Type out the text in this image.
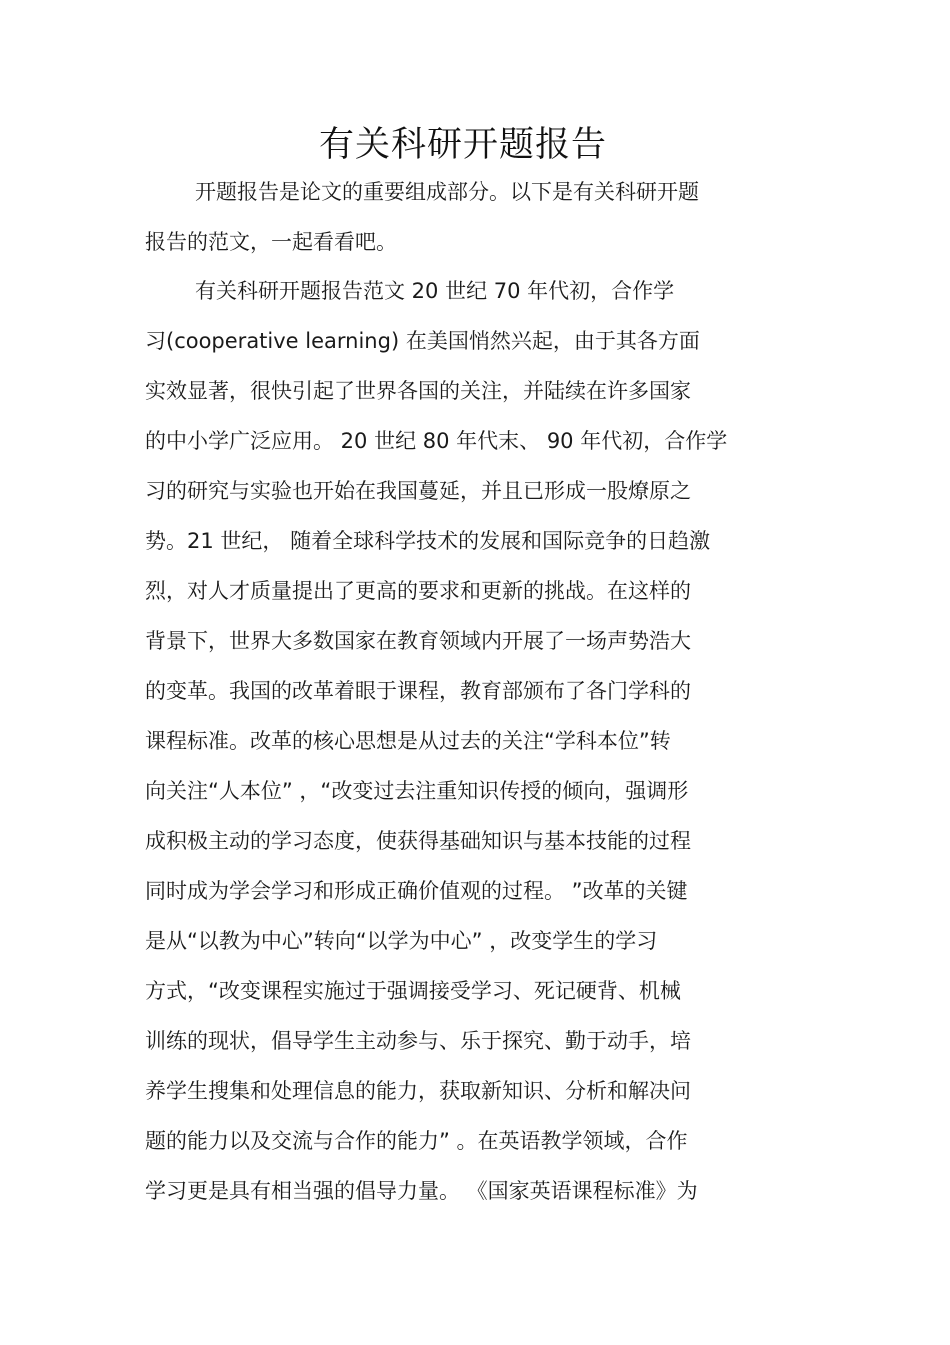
有关科研开题报告
开题报告是论文的重要组成部分。以下是有关科研开题
报告的范文，一起看看吧。
有关科研开题报告范文 20 世纪 70 年代初，合作学
习(cooperative learning) 在美国悄然兴起，由于其各方面
实效显著，很快引起了世界各国的关注，并陆续在许多国家
的中小学广泛应用。 20 世纪 80 年代末、 90 年代初，合作学
习的研究与实验也开始在我国蔓延，并且已形成一股燎原之
势。21 世纪， 随着全球科学技术的发展和国际竞争的日趋激
烈，对人才质量提出了更高的要求和更新的挑战。在这样的
背景下，世界大多数国家在教育领域内开展了一场声势浩大
的变革。我国的改革着眼于课程，教育部颁布了各门学科的
课程标准。改革的核心思想是从过去的关注“学科本位”转
向关注“人本位” ，“改变过去注重知识传授的倾向，强调形
成积极主动的学习态度，使获得基础知识与基本技能的过程
同时成为学会学习和形成正确价值观的过程。 ”改革的关键
是从“以教为中心”转向“以学为中心” ，改变学生的学习
方式，“改变课程实施过于强调接受学习、死记硬背、机械
训练的现状，倡导学生主动参与、乐于探究、勤于动手，培
养学生搜集和处理信息的能力，获取新知识、分析和解决问
题的能力以及交流与合作的能力” 。在英语教学领域，合作
学习更是具有相当强的倡导力量。 《国家英语课程标准》为
